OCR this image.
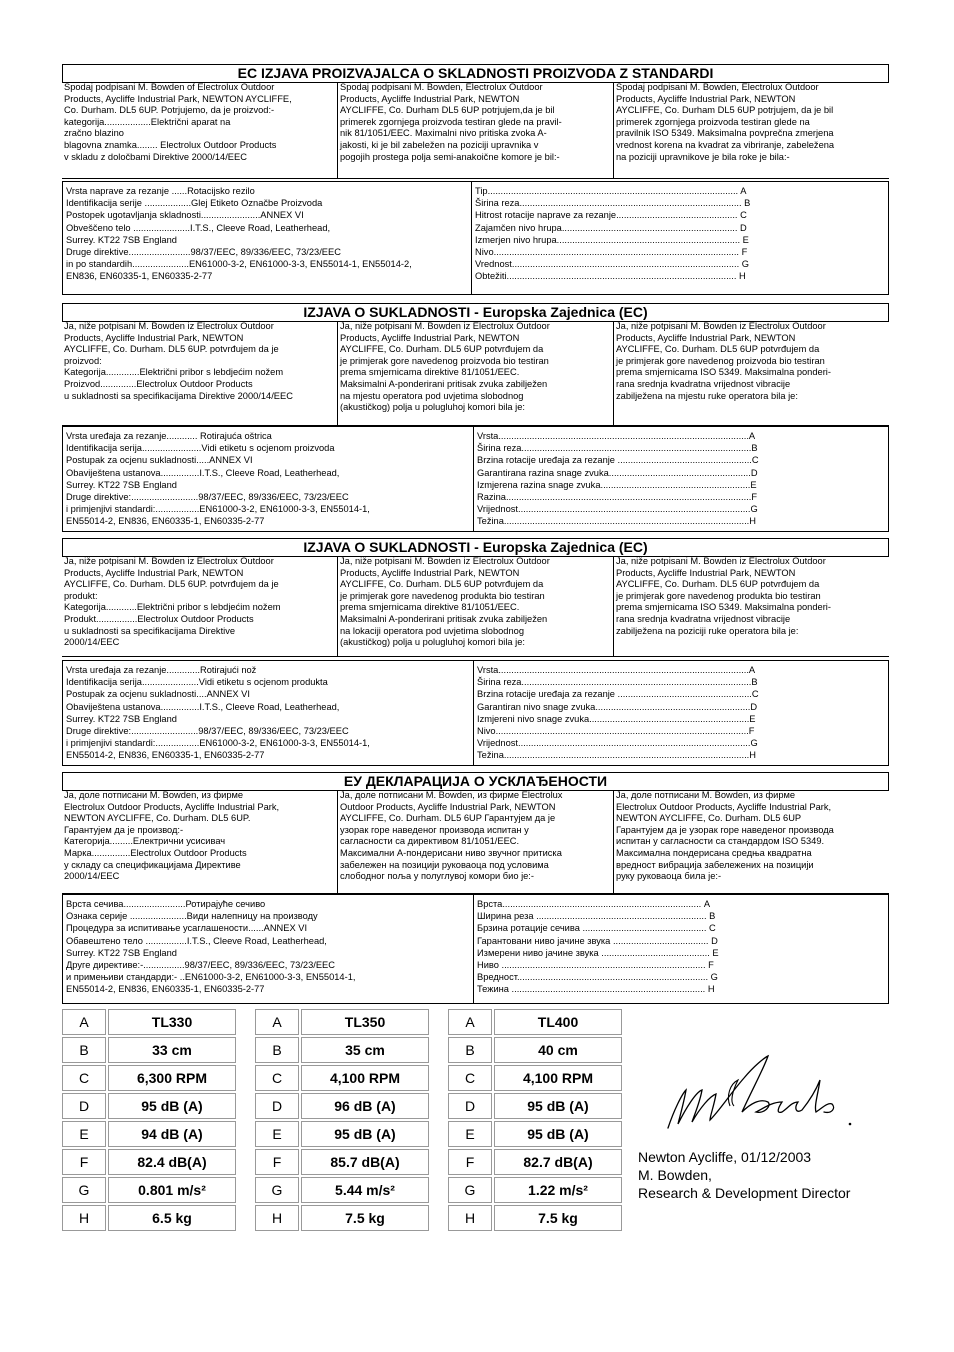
EC IZJAVA PROIZVAJALCA O SKLADNOSTI PROIZVODA Z STANDARDI
Spodaj podpisani M. Bowden of Electrolux Outdoor
Products, Aycliffe Industrial Park, NEWTON AYCLIFFE,
Co. Durham. DL5 6UP. Potrjujemo, da je proizvod:-
kategorija..................Električni aparat na
zračno blazino
blagovna znamka........ Electrolux Outdoor Products
v skladu z določbami Direktive 2000/14/EEC
Spodaj podpisani M. Bowden, Electrolux Outdoor
Products, Aycliffe Industrial Park, NEWTON
AYCLIFFE, Co. Durham DL5 6UP potrjujem,da je bil
primerek zgornjega proizvoda testiran glede na pravil-
nik 81/1051/EEC. Maximalni nivo pritiska zvoka A-
jakosti, ki je bil zabeležen na poziciji upravnika v
pogojih prostega polja semi-anakoične komore je bil:-
Spodaj podpisani M. Bowden, Electrolux Outdoor
Products, Aycliffe Industrial Park, NEWTON
AYCLIFFE, Co. Durham DL5 6UP potrjujem, da je bil
primerek zgornjega proizvoda testiran glede na
pravilnik ISO 5349. Maksimalna povprečna zmerjena
vrednost korena na kvadrat za vibriranje, zabeležena
na poziciji upravnikove je bila roke je bila:-
Vrsta naprave za rezanje ......Rotacijsko rezilo
Identifikacija serije ..................Glej Etiketo Označbe Proizvoda
Postopek ugotavljanja skladnosti.......................ANNEX VI
Obveščeno telo ......................I.T.S., Cleeve Road, Leatherhead,
Surrey. KT22 7SB England
Druge direktive........................98/37/EEC, 89/336/EEC, 73/23/EEC
in po standardih......................EN61000-3-2, EN61000-3-3, EN55014-1, EN55014-2,
EN836, EN60335-1, EN60335-2-77
Tip................................................................................................. A
Širina reza...................................................................................... B
Hitrost rotacije naprave za rezanje............................................... C
Zajamčen nivo hrupa.................................................................... D
Izmerjen nivo hrupa....................................................................... E
Nivo............................................................................................... F
Vrednost........................................................................................ G
Obtežiti......................................................................................... H
IZJAVA O SUKLADNOSTI - Europska Zajednica (EC)
Ja, niže potpisani M. Bowden iz Electrolux Outdoor
Products, Aycliffe Industrial Park, NEWTON
AYCLIFFE, Co. Durham. DL5 6UP. potvrđujem da je
proizvod:
Kategorija.............Električni pribor s lebdjećim nožem
Proizvod..............Electrolux Outdoor Products
u sukladnosti sa specifikacijama Direktive 2000/14/EEC
Ja, niže potpisani M. Bowden iz Electrolux Outdoor
Products, Aycliffe Industrial Park, NEWTON
AYCLIFFE, Co. Durham. DL5 6UP potvrđujem da
je primjerak gore navedenog proizvoda bio testiran
prema smjernicama direktive 81/1051/EEC.
Maksimalni A-ponderirani pritisak zvuka zabilježen
na mjestu operatora pod uvjetima slobodnog
(akustičkog) polja u polugluhoj komori bila je:
Ja, niže potpisani M. Bowden iz Electrolux Outdoor
Products, Aycliffe Industrial Park, NEWTON
AYCLIFFE, Co. Durham. DL5 6UP potvrđujem da
je primjerak gore navedenog proizvoda bio testiran
prema smjernicama ISO 5349. Maksimalna ponderi-
rana srednja kvadratna vrijednost vibracije
zabilježena na mjestu ruke operatora bila je:
Vrsta uređaja za rezanje............ Rotirajuća oštrica
Identifikacija serija.......................Vidi etiketu s ocjenom proizvoda
Postupak za ocjenu sukladnosti.....ANNEX VI
Obaviještena ustanova...............I.T.S., Cleeve Road, Leatherhead,
Surrey. KT22 7SB England
Druge direktive:..........................98/37/EEC, 89/336/EEC, 73/23/EEC
i primjenjivi standardi:.................EN61000-3-2, EN61000-3-3, EN55014-1,
EN55014-2, EN836, EN60335-1, EN60335-2-77
Vrsta.................................................................................................A
Širina reza.........................................................................................B
Brzina rotacije uređaja za rezanje ....................................................C
Garantirana razina snage zvuka.......................................................D
Izmjerena razina snage zvuka..........................................................E
Razina...............................................................................................F
Vrijednost..........................................................................................G
Težina...............................................................................................H
IZJAVA O SUKLADNOSTI - Europska Zajednica (EC)
Ja, niže potpisani M. Bowden iz Electrolux Outdoor
Products, Aycliffe Industrial Park, NEWTON
AYCLIFFE, Co. Durham. DL5 6UP. potvrđujem da je
produkt:
Kategorija............Električni pribor s lebdjećim nožem
Produkt................Electrolux Outdoor Products
u sukladnosti sa specifikacijama Direktive
2000/14/EEC
Ja, niže potpisani M. Bowden iz Electrolux Outdoor
Products, Aycliffe Industrial Park, NEWTON
AYCLIFFE, Co. Durham. DL5 6UP potvrđujem da
je primjerak gore navedenog produkta bio testiran
prema smjernicama direktive 81/1051/EEC.
Maksimalni A-ponderirani pritisak zvuka zabilježen
na lokaciji operatora pod uvjetima slobodnog
(akustičkog) polja u polugluhoj komori bila je:
Ja, niže potpisani M. Bowden iz Electrolux Outdoor
Products, Aycliffe Industrial Park, NEWTON
AYCLIFFE, Co. Durham. DL5 6UP potvrđujem da
je primjerak gore navedenog produkta bio testiran
prema smjernicama ISO 5349. Maksimalna ponderi-
rana srednja kvadratna vrijednost vibracije
zabilježena na poziciji ruke operatora bila je:
Vrsta uređaja za rezanje.............Rotirajući nož
Identifikacija serija......................Vidi etiketu s ocjenom produkta
Postupak za ocjenu sukladnosti....ANNEX VI
Obaviještena ustanova...............I.T.S., Cleeve Road, Leatherhead,
Surrey. KT22 7SB England
Druge direktive:..........................98/37/EEC, 89/336/EEC, 73/23/EEC
i primjenjivi standardi:.................EN61000-3-2, EN61000-3-3, EN55014-1,
EN55014-2, EN836, EN60335-1, EN60335-2-77
Vrsta.................................................................................................A
Širina reza.........................................................................................B
Brzina rotacije uređaja za rezanje ....................................................C
Garantiran nivo snage zvuka............................................................D
Izmjereni nivo snage zvuka..............................................................E
Nivo..................................................................................................F
Vrijednost..........................................................................................G
Težina...............................................................................................H
ЕУ ДЕКЛАРАЦИЈА О УСКЛАЂЕНОСТИ
Ја, доле потписани M. Bowden, из фирме
Electrolux Outdoor Products, Aycliffe Industrial Park,
NEWTON AYCLIFFE, Co. Durham. DL5 6UP.
Гарантујем да је производ:-
Категорија.........Електрични усисивач
Марка...............Electrolux Outdoor Products
у складу са спецификацијама Директиве
2000/14/EEC
Ја, доле потписани M. Bowden, из фирме Electrolux
Outdoor Products, Aycliffe Industrial Park, NEWTON
AYCLIFFE, Co. Durham. DL5 6UP Гарантујем да је
узорак горе наведеног производа испитан у
сагласности са директивом 81/1051/EEC.
Максимални А-пондерисани ниво звучног притиска
забележен на позицији руковаоца под условима
слободног поља у полуглувој комори био је:-
Ја, доле потписани M. Bowden, из фирме
Electrolux Outdoor Products, Aycliffe Industrial Park,
NEWTON AYCLIFFE, Co. Durham. DL5 6UP
Гарантујем да је узорак горе наведеног производа
испитан у сагласности са стандардом ISO 5349.
Максимална пондерисана средња квадратна
вредност вибрација забележених на позицији
руку руковаоца била је:-
Врста сечива........................Ротирајуће сечиво
Ознака серије ......................Види налепницу на производу
Процедура за испитивање усаглашености......ANNEX VI
Обавештено тело ................I.T.S., Cleeve Road, Leatherhead,
Surrey. KT22 7SB England
Друге директиве:-................98/37/EEC, 89/336/EEC, 73/23/EEC
и примењиви стандарди:- ..EN61000-3-2, EN61000-3-3, EN55014-1,
EN55014-2, EN836, EN60335-1, EN60335-2-77
Врста............................................................................. A
Ширина реза .................................................................. B
Брзина ротације сечива ................................................ C
Гарантовани ниво јачине звука ..................................... D
Измерени ниво јачине звука .......................................... E
Ниво ............................................................................... F
Вредност.......................................................................... G
Тежина ........................................................................... H
A	TL330
B	33 cm
C	6,300 RPM
D	95 dB (A)
E	94 dB (A)
F	82.4 dB(A)
G	0.801 m/s²
H	6.5 kg
A	TL350
B	35 cm
C	4,100 RPM
D	96 dB (A)
E	95 dB (A)
F	85.7 dB(A)
G	5.44 m/s²
H	7.5 kg
A	TL400
B	40 cm
C	4,100 RPM
D	95 dB (A)
E	95 dB (A)
F	82.7 dB(A)
G	1.22 m/s²
H	7.5 kg
Newton Aycliffe, 01/12/2003
M. Bowden,
Research & Development Director
